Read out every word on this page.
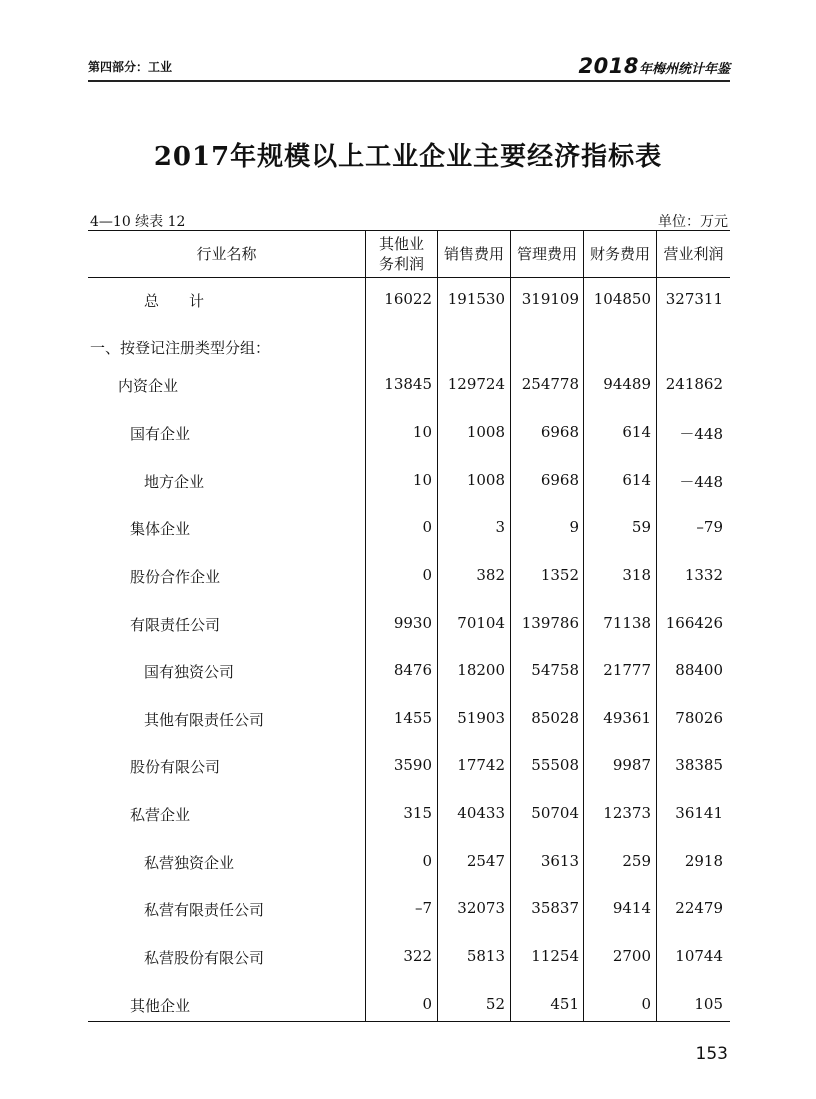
第四部分：工业	2018年梅州统计年鉴
2017年规模以上工业企业主要经济指标表
4—10 续表 12	单位：万元
行业名称
其他业
务利润
销售费用 管理费用 财务费用 营业利润
总　　计	16022 191530 319109 104850 327311
一、按登记注册类型分组：
内资企业	13845 129724 254778 94489 241862
国有企业	10 1008 6968	614 －448
地方企业	10 1008 6968	614 －448
集体企业	0	3	9	59	–79
股份合作企业	0	382 1352	318 1332
有限责任公司	9930 70104 139786 71138 166426
国有独资公司	8476 18200 54758 21777 88400
其他有限责任公司	1455 51903 85028 49361 78026
股份有限公司	3590 17742 55508 9987 38385
私营企业	315 40433 50704 12373 36141
私营独资企业	0 2547 3613	259 2918
私营有限责任公司	–7 32073 35837 9414 22479
私营股份有限公司	322 5813 11254 2700 10744
其他企业	0	52	451	0	105
153
